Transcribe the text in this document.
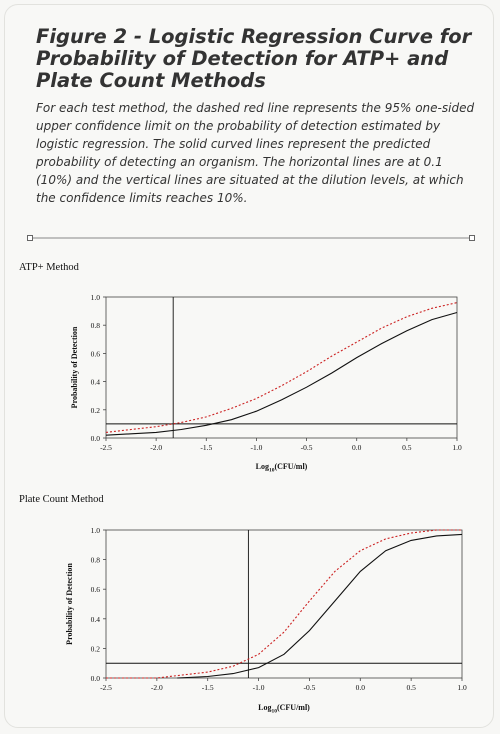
Figure 2 - Logistic Regression Curve for Probability of Detection for ATP+ and Plate Count Methods

For each test method, the dashed red line represents the 95% one-sided upper confidence limit on the probability of detection estimated by logistic regression. The solid curved lines represent the predicted probability of detecting an organism. The horizontal lines are at 0.1 (10%) and the vertical lines are situated at the dilution levels, at which the confidence limits reaches 10%.

ATP+ Method
Plate Count Method
-2.5	-2.0	-1.5	-1.0	-0.5	0.0	0.5	1.0
0.0
0.2
0.4
0.6
0.8
1.0
Log$_{10}$(CFU/ml)
Probability of Detection
-2.5	-2.0	-1.5	-1.0	-0.5	0.0	0.5	1.0
0.0
0.2
0.4
0.6
0.8
1.0
Log$_{10}$(CFU/ml)
Probability of Detection
